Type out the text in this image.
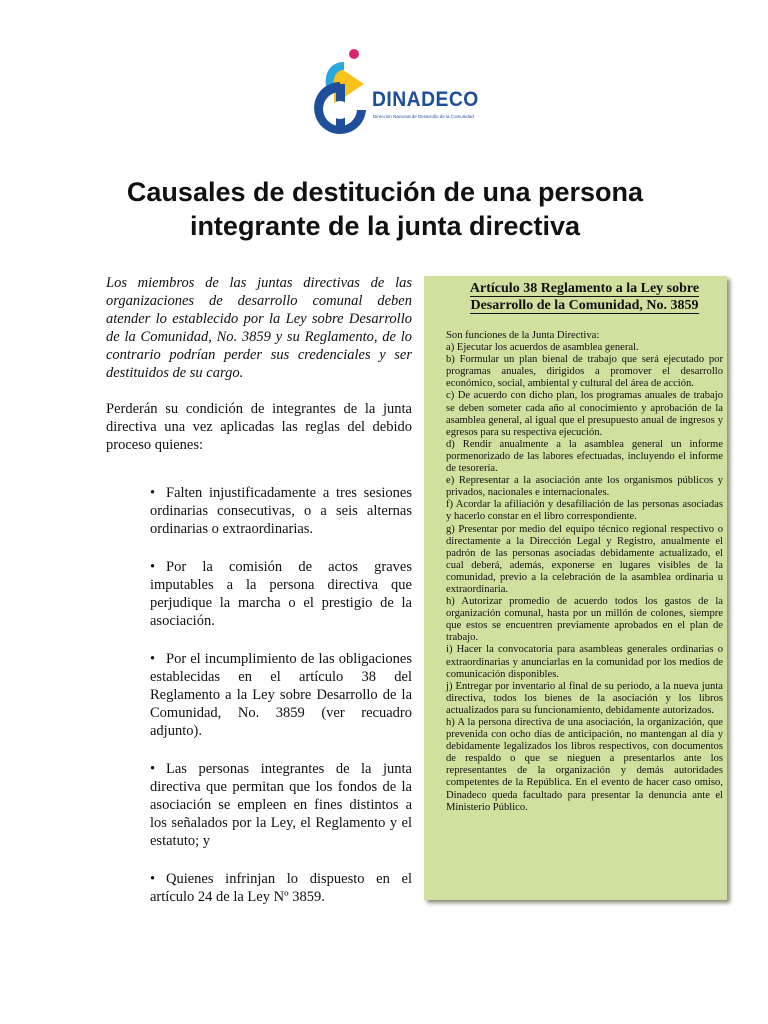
DINADECO
Dirección Nacional de Desarrollo de la Comunidad
Causales de destitución de una persona integrante de la junta directiva

Los miembros de las juntas directivas de las organizaciones de desarrollo comunal deben atender lo establecido por la Ley sobre Desarrollo de la Comunidad, No. 3859 y su Reglamento, de lo contrario podrían perder sus credenciales y ser destituidos de su cargo.

Perderán su condición de integrantes de la junta directiva una vez aplicadas las reglas del debido proceso quienes:

• Falten injustificadamente a tres sesiones ordinarias consecutivas, o a seis alternas ordinarias o extraordinarias.
• Por la comisión de actos graves imputables a la persona directiva que perjudique la marcha o el prestigio de la asociación.
• Por el incumplimiento de las obligaciones establecidas en el artículo 38 del Reglamento a la Ley sobre Desarrollo de la Comunidad, No. 3859 (ver recuadro adjunto).
• Las personas integrantes de la junta directiva que permitan que los fondos de la asociación se empleen en fines distintos a los señalados por la Ley, el Reglamento y el estatuto; y
• Quienes infrinjan lo dispuesto en el artículo 24 de la Ley Nº 3859.
Artículo 38 Reglamento a la Ley sobre Desarrollo de la Comunidad, No. 3859

Son funciones de la Junta Directiva:

a) Ejecutar los acuerdos de asamblea general.

b) Formular un plan bienal de trabajo que será ejecutado por programas anuales, dirigidos a promover el desarrollo económico, social, ambiental y cultural del área de acción.

c) De acuerdo con dicho plan, los programas anuales de trabajo se deben someter cada año al conocimiento y aprobación de la asamblea general, al igual que el presupuesto anual de ingresos y egresos para su respectiva ejecución.

d) Rendir anualmente a la asamblea general un informe pormenorizado de las labores efectuadas, incluyendo el informe de tesorería.

e) Representar a la asociación ante los organismos públicos y privados, nacionales e internacionales.

f) Acordar la afiliación y desafiliación de las personas asociadas y hacerlo constar en el libro correspondiente.

g) Presentar por medio del equipo técnico regional respectivo o directamente a la Dirección Legal y Registro, anualmente el padrón de las personas asociadas debidamente actualizado, el cual deberá, además, exponerse en lugares visibles de la comunidad, previo a la celebración de la asamblea ordinaria u extraordinaria.

h) Autorizar promedio de acuerdo todos los gastos de la organización comunal, hasta por un millón de colones, siempre que estos se encuentren previamente aprobados en el plan de trabajo.

i) Hacer la convocatoria para asambleas generales ordinarias o extraordinarias y anunciarlas en la comunidad por los medios de comunicación disponibles.

j) Entregar por inventario al final de su periodo, a la nueva junta directiva, todos los bienes de la asociación y los libros actualizados para su funcionamiento, debidamente autorizados.

h) A la persona directiva de una asociación, la organización, que prevenida con ocho días de anticipación, no mantengan al día y debidamente legalizados los libros respectivos, con documentos de respaldo o que se nieguen a presentarlos ante los representantes de la organización y demás autoridades competentes de la República. En el evento de hacer caso omiso, Dinadeco queda facultado para presentar la denuncia ante el Ministerio Público.
